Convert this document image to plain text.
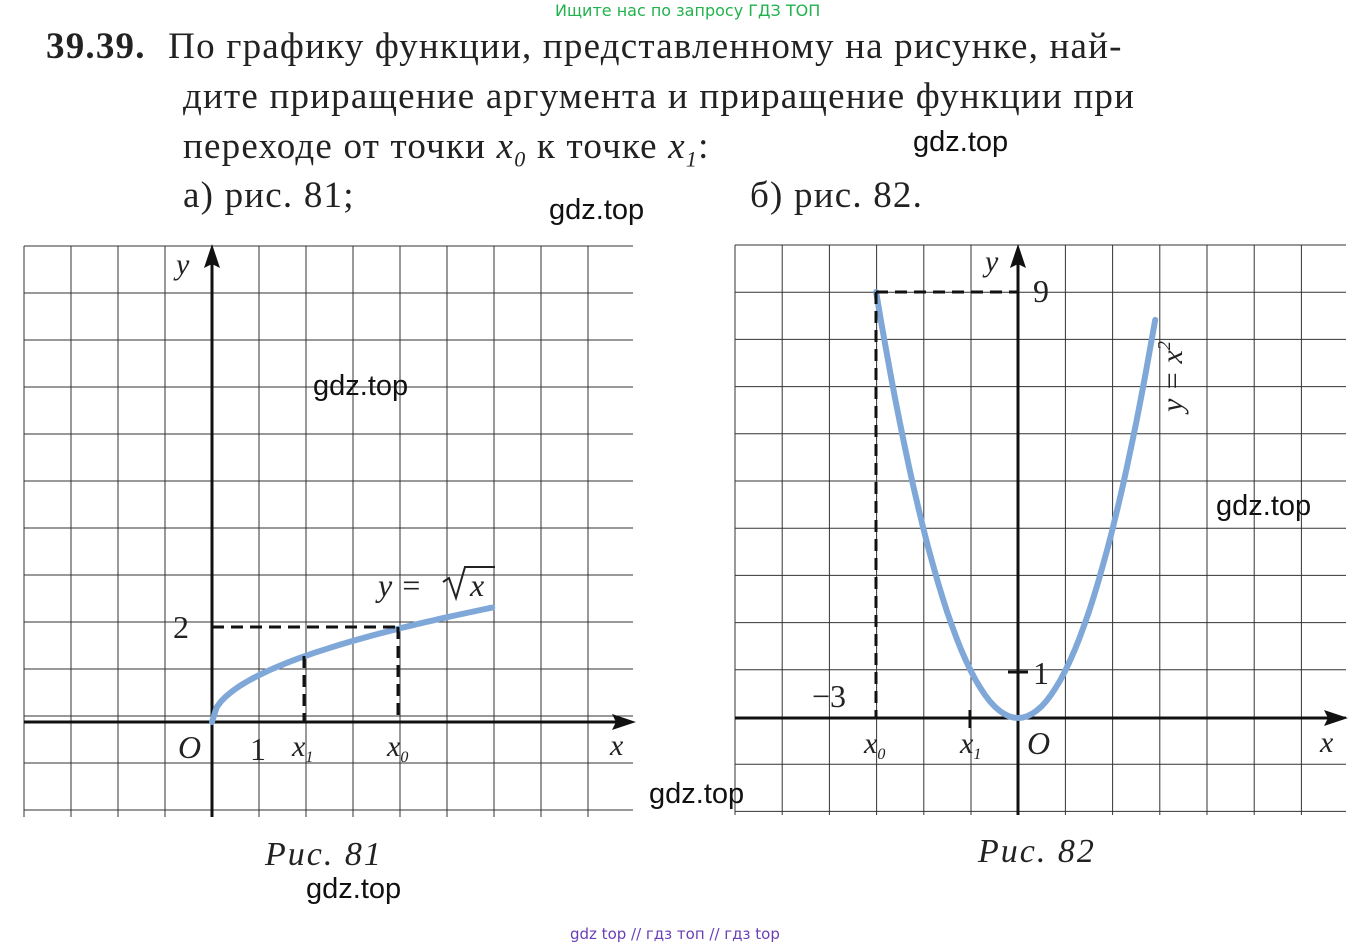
Ищите нас по запросу ГДЗ ТОП
39.39. По графику функции, представленному на рисунке, най-
дите приращение аргумента и приращение функции при
переходе от точки $x_0$ к точке $x_1$:
а) рис. 81;	б) рис. 82.
y
x
O 1
2
$x_1$ $x_0$
y = x
Рис. 81
y
x
O
9
1
−3
$x_0$ $x_1$
$y = x^2$
Рис. 82
gdz.top
gdz.top
gdz.top
gdz.top
gdz.top
gdz.top
gdz top // гдз топ // гдз top
